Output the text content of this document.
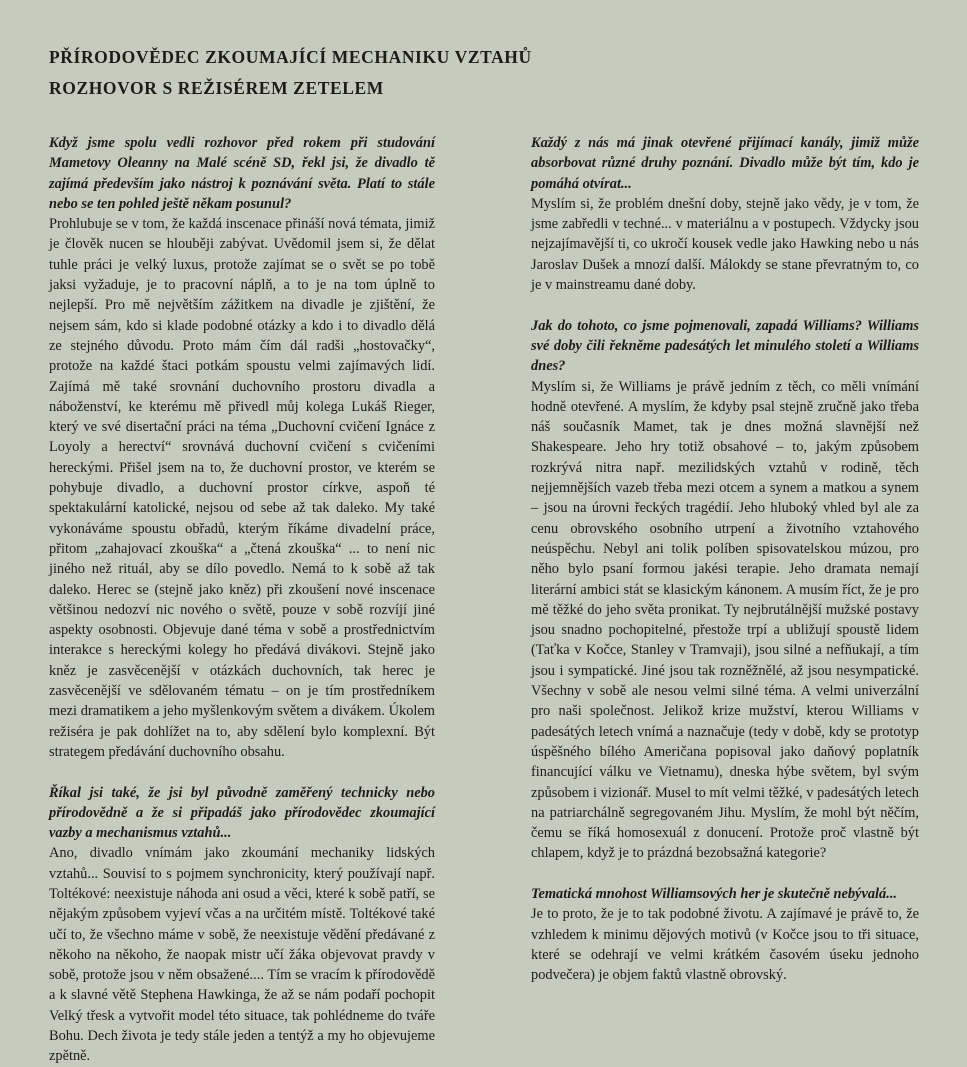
PŘÍRODOVĚDEC ZKOUMAJÍCÍ MECHANIKU VZTAHŮ
ROZHOVOR S REŽISÉREM ZETELEM

Když jsme spolu vedli rozhovor před rokem při studování Mametovy Oleanny na Malé scéně SD, řekl jsi, že divadlo tě zajímá především jako nástroj k poznávání světa. Platí to stále nebo se ten pohled ještě někam posunul?

Prohlubuje se v tom, že každá inscenace přináší nová témata, jimiž je člověk nucen se hlouběji zabývat. Uvědomil jsem si, že dělat tuhle práci je velký luxus, protože zajímat se o svět se po tobě jaksi vyžaduje, je to pracovní náplň, a to je na tom úplně to nejlepší. Pro mě největším zážitkem na divadle je zjištění, že nejsem sám, kdo si klade podobné otázky a kdo i to divadlo dělá ze stejného důvodu. Proto mám čím dál radši „hostovačky“, protože na každé štaci potkám spoustu velmi zajímavých lidí. Zajímá mě také srovnání duchovního prostoru divadla a náboženství, ke kterému mě přivedl můj kolega Lukáš Rieger, který ve své disertační práci na téma „Duchovní cvičení Ignáce z Loyoly a herectví“ srovnává duchovní cvičení s cvičeními hereckými. Přišel jsem na to, že duchovní prostor, ve kterém se pohybuje divadlo, a duchovní prostor církve, aspoň té spektakulární katolické, nejsou od sebe až tak daleko. My také vykonáváme spoustu obřadů, kterým říkáme divadelní práce, přitom „zahajovací zkouška“ a „čtená zkouška“ ... to není nic jiného než rituál, aby se dílo povedlo. Nemá to k sobě až tak daleko. Herec se (stejně jako kněz) při zkoušení nové inscenace většinou nedozví nic nového o světě, pouze v sobě rozvíjí jiné aspekty osobnosti. Objevuje dané téma v sobě a prostřednictvím interakce s hereckými kolegy ho předává divákovi. Stejně jako kněz je zasvěcenější v otázkách duchovních, tak herec je zasvěcenější ve sdělovaném tématu – on je tím prostředníkem mezi dramatikem a jeho myšlenkovým světem a divákem. Úkolem režiséra je pak dohlížet na to, aby sdělení bylo komplexní. Být strategem předávání duchovního obsahu.

Říkal jsi také, že jsi byl původně zaměřený technicky nebo přírodovědně a že si připadáš jako přírodovědec zkoumající vazby a mechanismus vztahů...

Ano, divadlo vnímám jako zkoumání mechaniky lidských vztahů... Souvisí to s pojmem synchronicity, který používají např. Toltékové: neexistuje náhoda ani osud a věci, které k sobě patří, se nějakým způsobem vyjeví včas a na určitém místě. Toltékové také učí to, že všechno máme v sobě, že neexistuje vědění předávané z někoho na někoho, že naopak mistr učí žáka objevovat pravdy v sobě, protože jsou v něm obsažené.... Tím se vracím k přírodovědě a k slavné větě Stephena Hawkinga, že až se nám podaří pochopit Velký třesk a vytvořit model této situace, tak pohlédneme do tváře Bohu. Dech života je tedy stále jeden a tentýž a my ho objevujeme zpětně.

Každý z nás má jinak otevřené přijímací kanály, jimiž může absorbovat různé druhy poznání. Divadlo může být tím, kdo je pomáhá otvírat...

Myslím si, že problém dnešní doby, stejně jako vědy, je v tom, že jsme zabředli v techné... v materiálnu a v postupech. Vždycky jsou nejzajímavější ti, co ukročí kousek vedle jako Hawking nebo u nás Jaroslav Dušek a mnozí další. Málokdy se stane převratným to, co je v mainstreamu dané doby.

Jak do tohoto, co jsme pojmenovali, zapadá Williams? Williams své doby čili řekněme padesátých let minulého století a Williams dnes?

Myslím si, že Williams je právě jedním z těch, co měli vnímání hodně otevřené. A myslím, že kdyby psal stejně zručně jako třeba náš současník Mamet, tak je dnes možná slavnější než Shakespeare. Jeho hry totiž obsahové – to, jakým způsobem rozkrývá nitra např. mezilidských vztahů v rodině, těch nejjemnějších vazeb třeba mezi otcem a synem a matkou a synem – jsou na úrovni řeckých tragédií. Jeho hluboký vhled byl ale za cenu obrovského osobního utrpení a životního vztahového neúspěchu. Nebyl ani tolik políben spisovatelskou múzou, pro něho bylo psaní formou jakési terapie. Jeho dramata nemají literární ambici stát se klasickým kánonem. A musím říct, že je pro mě těžké do jeho světa pronikat. Ty nejbrutálnější mužské postavy jsou snadno pochopitelné, přestože trpí a ubližují spoustě lidem (Taťka v Kočce, Stanley v Tramvaji), jsou silné a nefňukají, a tím jsou i sympatické. Jiné jsou tak rozněžnělé, až jsou nesympatické. Všechny v sobě ale nesou velmi silné téma. A velmi univerzální pro naši společnost. Jelikož krize mužství, kterou Williams v padesátých letech vnímá a naznačuje (tedy v době, kdy se prototyp úspěšného bílého Američana popisoval jako daňový poplatník financující válku ve Vietnamu), dneska hýbe světem, byl svým způsobem i vizionář. Musel to mít velmi těžké, v padesátých letech na patriarchálně segregovaném Jihu. Myslím, že mohl být něčím, čemu se říká homosexuál z donucení. Protože proč vlastně být chlapem, když je to prázdná bezobsažná kategorie?

Tematická mnohost Williamsových her je skutečně nebývalá...

Je to proto, že je to tak podobné životu. A zajímavé je právě to, že vzhledem k minimu dějových motivů (v Kočce jsou to tři situace, které se odehrají ve velmi krátkém časovém úseku jednoho podvečera) je objem faktů vlastně obrovský.
